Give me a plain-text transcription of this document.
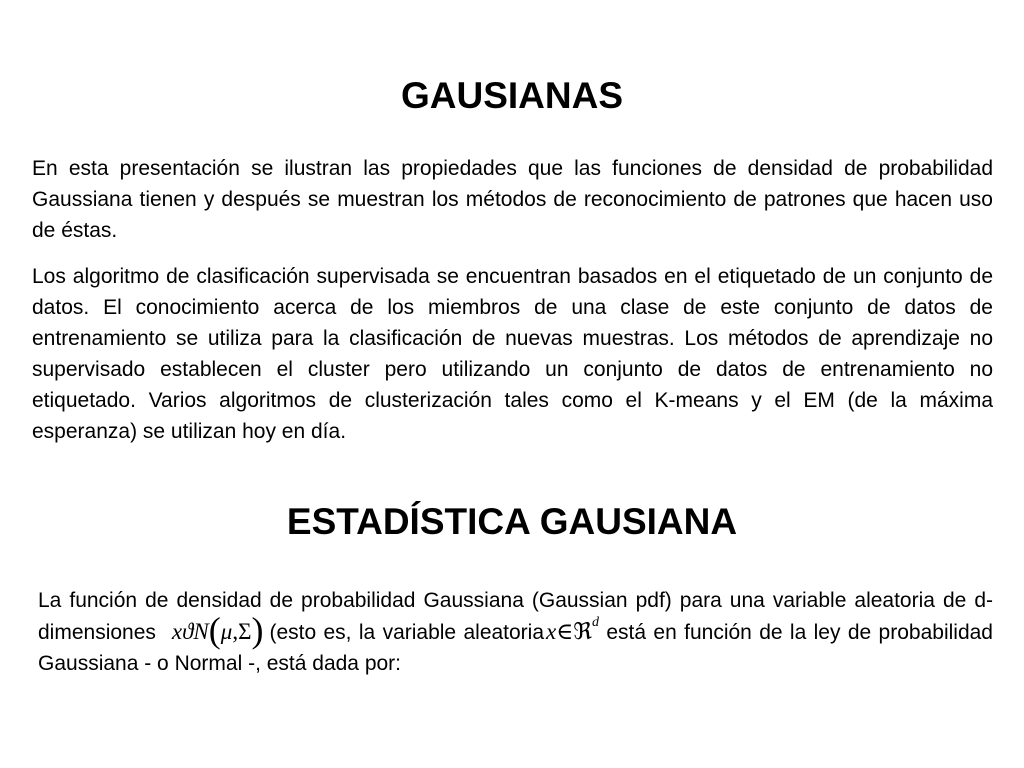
GAUSIANAS

En esta presentación se ilustran las propiedades que las funciones de densidad de probabilidad Gaussiana tienen y después se muestran los métodos de reconocimiento de patrones que hacen uso de éstas.

Los algoritmo de clasificación supervisada se encuentran basados en el etiquetado de un conjunto de datos. El conocimiento acerca de los miembros de una clase de este conjunto de datos de entrenamiento se utiliza para la clasificación de nuevas muestras. Los métodos de aprendizaje no supervisado establecen el cluster pero utilizando un conjunto de datos de entrenamiento no etiquetado. Varios algoritmos de clusterización tales como el K-means y el EM (de la máxima esperanza) se utilizan hoy en día.

ESTADÍSTICA GAUSIANA

La función de densidad de probabilidad Gaussiana (Gaussian pdf) para una variable aleatoria de d-dimensiones xϑN(μ,Σ) (esto es, la variable aleatoriax∈ℜ$^d$ está en función de la ley de probabilidad Gaussiana - o Normal -, está dada por:
